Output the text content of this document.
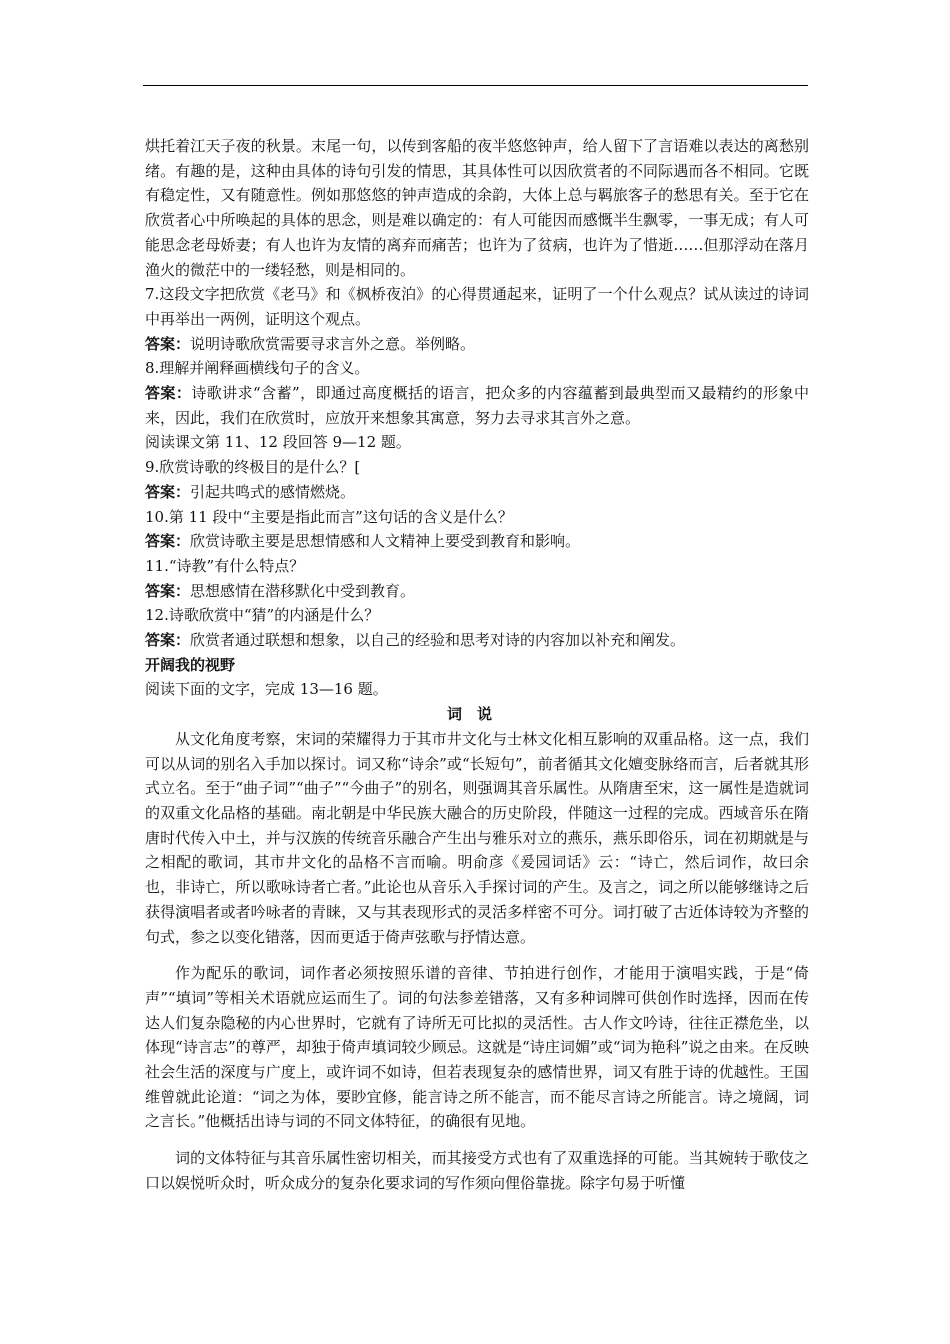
烘托着江天子夜的秋景。末尾一句，以传到客船的夜半悠悠钟声，给人留下了言语难以表达的离愁别绪。有趣的是，这种由具体的诗句引发的情思，其具体性可以因欣赏者的不同际遇而各不相同。它既有稳定性，又有随意性。例如那悠悠的钟声造成的余韵，大体上总与羁旅客子的愁思有关。至于它在欣赏者心中所唤起的具体的思念，则是难以确定的：有人可能因而感慨半生飘零，一事无成；有人可能思念老母娇妻；有人也许为友情的离弃而痛苦；也许为了贫病，也许为了惜逝……但那浮动在落月渔火的微茫中的一缕轻愁，则是相同的。

7.这段文字把欣赏《老马》和《枫桥夜泊》的心得贯通起来，证明了一个什么观点？试从读过的诗词中再举出一两例，证明这个观点。

答案：说明诗歌欣赏需要寻求言外之意。举例略。

8.理解并阐释画横线句子的含义。

答案：诗歌讲求“含蓄”，即通过高度概括的语言，把众多的内容蕴蓄到最典型而又最精约的形象中来，因此，我们在欣赏时，应放开来想象其寓意，努力去寻求其言外之意。

阅读课文第 11、12 段回答 9—12 题。

9.欣赏诗歌的终极目的是什么？[

答案：引起共鸣式的感情燃烧。

10.第 11 段中“主要是指此而言”这句话的含义是什么？

答案：欣赏诗歌主要是思想情感和人文精神上要受到教育和影响。

11.“诗教”有什么特点？

答案：思想感情在潜移默化中受到教育。

12.诗歌欣赏中“猜”的内涵是什么？

答案：欣赏者通过联想和想象，以自己的经验和思考对诗的内容加以补充和阐发。

开阔我的视野

阅读下面的文字，完成 13—16 题。

词说

从文化角度考察，宋词的荣耀得力于其市井文化与士林文化相互影响的双重品格。这一点，我们可以从词的别名入手加以探讨。词又称“诗余”或“长短句”，前者循其文化嬗变脉络而言，后者就其形式立名。至于“曲子词”“曲子”“今曲子”的别名，则强调其音乐属性。从隋唐至宋，这一属性是造就词的双重文化品格的基础。南北朝是中华民族大融合的历史阶段，伴随这一过程的完成。西域音乐在隋唐时代传入中土，并与汉族的传统音乐融合产生出与雅乐对立的燕乐，燕乐即俗乐，词在初期就是与之相配的歌词，其市井文化的品格不言而喻。明俞彦《爰园词话》云：“诗亡，然后词作，故曰余也，非诗亡，所以歌咏诗者亡者。”此论也从音乐入手探讨词的产生。及言之，词之所以能够继诗之后获得演唱者或者吟咏者的青睐，又与其表现形式的灵活多样密不可分。词打破了古近体诗较为齐整的句式，参之以变化错落，因而更适于倚声弦歌与抒情达意。

作为配乐的歌词，词作者必须按照乐谱的音律、节拍进行创作，才能用于演唱实践，于是“倚声”“填词”等相关术语就应运而生了。词的句法参差错落，又有多种词牌可供创作时选择，因而在传达人们复杂隐秘的内心世界时，它就有了诗所无可比拟的灵活性。古人作文吟诗，往往正襟危坐，以体现“诗言志”的尊严，却独于倚声填词较少顾忌。这就是“诗庄词媚”或“词为艳科”说之由来。在反映社会生活的深度与广度上，或许词不如诗，但若表现复杂的感情世界，词又有胜于诗的优越性。王国维曾就此论道：“词之为体，要眇宜修，能言诗之所不能言，而不能尽言诗之所能言。诗之境阔，词之言长。”他概括出诗与词的不同文体特征，的确很有见地。

词的文体特征与其音乐属性密切相关，而其接受方式也有了双重选择的可能。当其婉转于歌伎之口以娱悦听众时，听众成分的复杂化要求词的写作须向俚俗靠拢。除字句易于听懂
